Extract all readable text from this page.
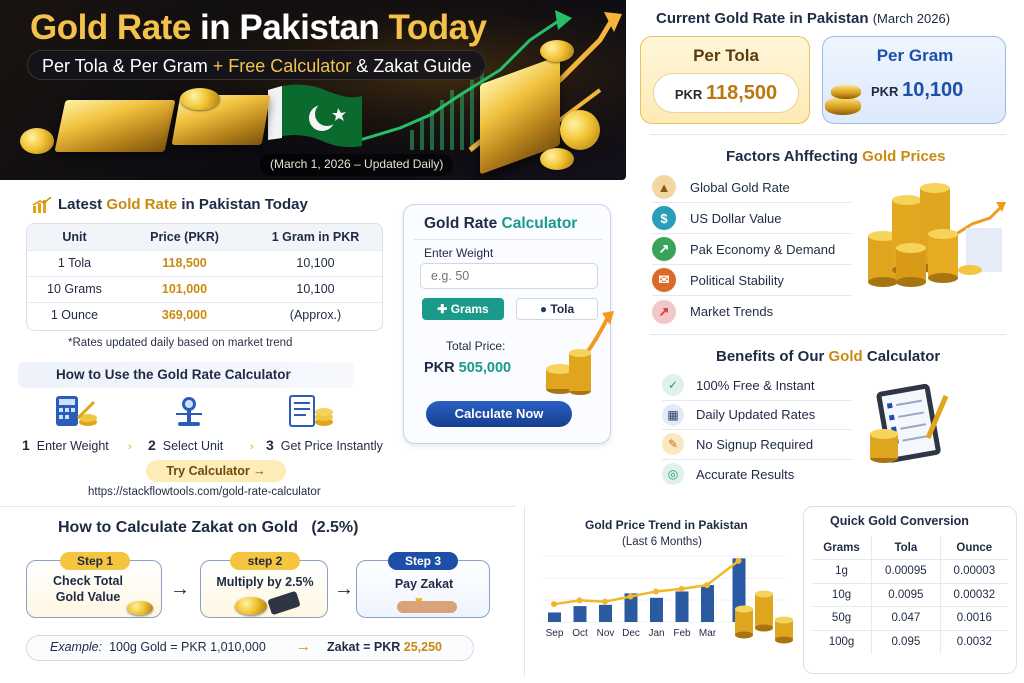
Gold Rate in Pakistan Today
Per Tola & Per Gram + Free Calculator & Zakat Guide
(March 1, 2026 – Updated Daily)
Current Gold Rate in Pakistan (March 2026)
Per Tola
PKR 118,500
Per Gram
PKR 10,100
Latest Gold Rate in Pakistan Today
Unit	Price (PKR)	1 Gram in PKR
1 Tola	118,500	10,100
10 Grams	101,000	10,100
1 Ounce	369,000	(Approx.)
*Rates updated daily based on market trend
How to Use the Gold Rate Calculator
1 Enter Weight › 2 Select Unit › 3 Get Price Instantly
Try Calculator →
https://stackflowtools.com/gold-rate-calculator
Gold Rate Calculator
Enter Weight
e.g. 50
✚ Grams	● Tola
Total Price:
PKR 505,000
Calculate Now
Factors Ahffecting Gold Prices
▲	Global Gold Rate
$	US Dollar Value
↗	Pak Economy & Demand
✉	Political Stability
↗	Market Trends
Benefits of Our Gold Calculator
✓	100% Free & Instant
▦	Daily Updated Rates
✎	No Signup Required
◎	Accurate Results
How to Calculate Zakat on Gold   (2.5%)
Check Total
Gold Value
Step 1
→	Multiply by 2.5%
step 2
→	Pay Zakat
Step 3
Example: 100g Gold = PKR 1,010,000 → Zakat = PKR 25,250
Gold Price Trend in Pakistan
(Last 6 Months)
Sep Oct Nov Dec Jan Feb Mar
Quick Gold Conversion
Grams	Tola	Ounce
1g	0.00095	0.00003
10g	0.0095	0.00032
50g	0.047	0.0016
100g	0.095	0.0032
